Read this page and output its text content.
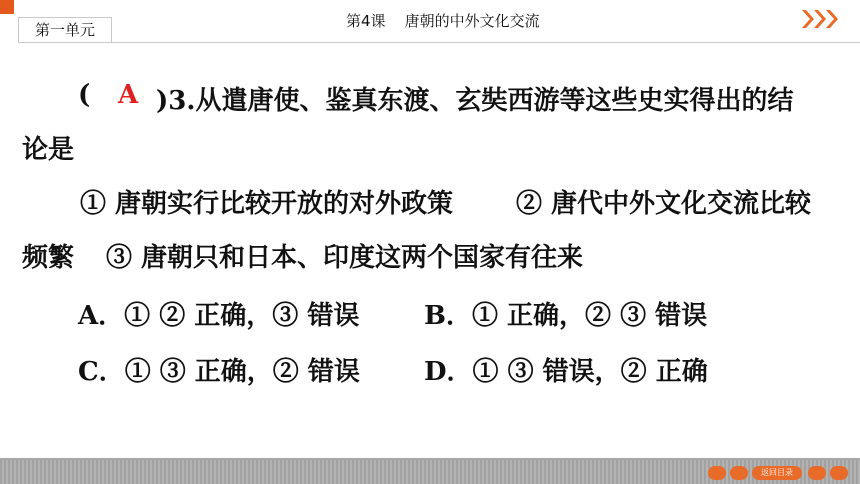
第一单元	第4课    唐朝的中外文化交流
( A )3.从遣唐使、鉴真东渡、玄奘西游等这些史实得出的结
论是
① 唐朝实行比较开放的对外政策 ② 唐代中外文化交流比较
频繁 ③ 唐朝只和日本、印度这两个国家有往来
A．① ② 正确，③ 错误 B．① 正确，② ③ 错误
C．① ③ 正确，② 错误 D．① ③ 错误，② 正确
返回目录
